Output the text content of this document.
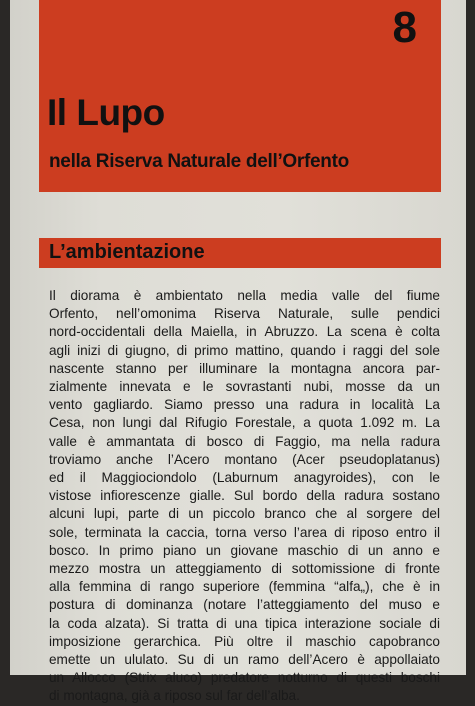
8
Il Lupo
nella Riserva Naturale dell’Orfento
L’ambientazione
Il diorama è ambientato nella media valle del fiume
Orfento, nell’omonima Riserva Naturale, sulle pendici
nord-occidentali della Maiella, in Abruzzo. La scena è colta
agli inizi di giugno, di primo mattino, quando i raggi del sole
nascente stanno per illuminare la montagna ancora par-
zialmente innevata e le sovrastanti nubi, mosse da un
vento gagliardo. Siamo presso una radura in località La
Cesa, non lungi dal Rifugio Forestale, a quota 1.092 m. La
valle è ammantata di bosco di Faggio, ma nella radura
troviamo anche l’Acero montano (Acer pseudoplatanus)
ed il Maggiociondolo (Laburnum anagyroides), con le
vistose infiorescenze gialle. Sul bordo della radura sostano
alcuni lupi, parte di un piccolo branco che al sorgere del
sole, terminata la caccia, torna verso l’area di riposo entro il
bosco. In primo piano un giovane maschio di un anno e
mezzo mostra un atteggiamento di sottomissione di fronte
alla femmina di rango superiore (femmina “alfa„), che è in
postura di dominanza (notare l’atteggiamento del muso e
la coda alzata). Si tratta di una tipica interazione sociale di
imposizione gerarchica. Più oltre il maschio capobranco
emette un ululato. Su di un ramo dell’Acero è appollaiato
un Allocco (Strix aluco) predatore notturno di questi boschi
di montagna, già a riposo sul far dell’alba.
